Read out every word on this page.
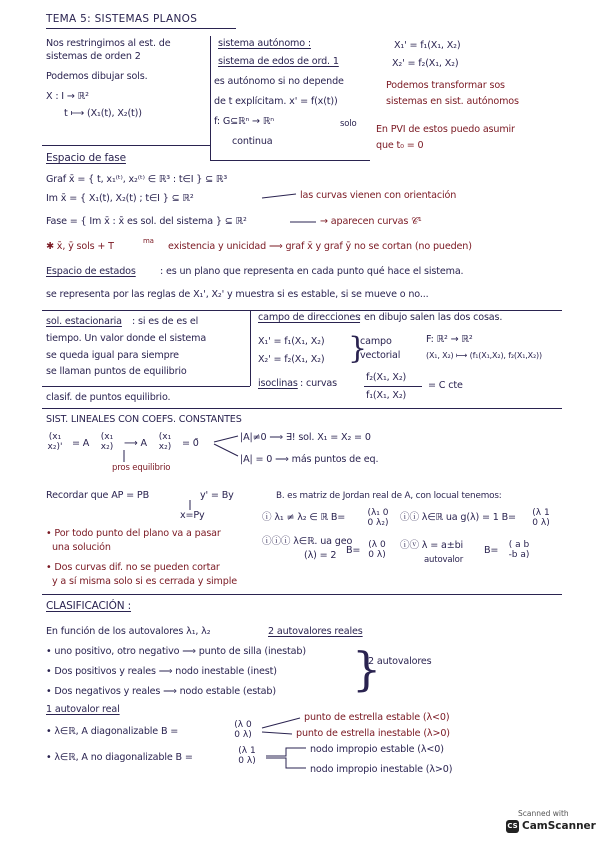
TEMA 5: SISTEMAS PLANOS
Nos restringimos al est. de
sistemas de orden 2
Podemos dibujar sols.
X : I → ℝ²
t ⟼ (X₁(t), X₂(t))
sistema autónomo :
sistema de edos de ord. 1
es autónomo si no depende
de t explícitam. x' = f(x(t))
f: G⊆ℝⁿ → ℝⁿ	solo
continua
X₁' = f₁(X₁, X₂)
X₂' = f₂(X₁, X₂)
Podemos transformar sos
sistemas en sist. autónomos
En PVI de estos puedo asumir
que t₀ = 0
Espacio de fase
Graf x̄ = { t, x₁⁽ᵗ⁾, x₂⁽ᵗ⁾ ∈ ℝ³ : t∈I } ⊆ ℝ³
Im x̄ = { X₁(t), X₂(t) ; t∈I } ⊆ ℝ²	las curvas vienen con orientación
Fase = { Im x̄ : x̄ es sol. del sistema } ⊆ ℝ²	→ aparecen curvas 𝒞¹
✱ x̄, ȳ sols + T	ma existencia y unicidad ⟹ graf x̄ y graf ȳ no se cortan (no pueden)
Espacio de estados	: es un plano que representa en cada punto qué hace el sistema.
se representa por las reglas de X₁', X₂' y muestra si es estable, si se mueve o no...
sol. estacionaria : si es de es el
tiempo. Un valor donde el sistema
se queda igual para siempre
se llaman puntos de equilibrio
clasif. de puntos equilibrio.
campo de direcciones
: en dibujo salen las dos cosas.
X₁' = f₁(X₁, X₂)
X₂' = f₂(X₁, X₂) }
campo
vectorial
F: ℝ² → ℝ²
(X₁, X₂) ⟼ (f₁(X₁,X₂), f₂(X₁,X₂))
isoclinas : curvas
f₂(X₁, X₂)
f₁(X₁, X₂)
= C cte
SIST. LINEALES CON COEFS. CONSTANTES
(x₁
x₂)' = A
(x₁
x₂)	⟶ A
(x₁
x₂)	= 0̄
|A|≠0 ⟹ ∃! sol. X₁ = X₂ = 0
|A| = 0 ⟹ más puntos de eq.
pros equilibrio
Recordar que AP = PB	y' = By	B. es matriz de Jordan real de A, con locual tenemos:
x=Py	ⓘ λ₁ ≠ λ₂ ∈ ℝ B=	(λ₁ 0
0 λ₂)	ⓘⓘ λ∈ℝ ua g(λ) = 1 B=	(λ 1
0 λ)
• Por todo punto del plano va a pasar
una solución
ⓘⓘⓘ λ∈ℝ. ua geo
(λ) = 2 B= (λ 0
0 λ)
ⓘⓥ λ = a±bi
autovalor
B=	( a b
-b a)
• Dos curvas dif. no se pueden cortar
y a sí misma solo si es cerrada y simple
CLASIFICACIÓN :
En función de los autovalores λ₁, λ₂	2 autovalores reales
• uno positivo, otro negativo ⟹ punto de silla (inestab)
• Dos positivos y reales ⟹ nodo inestable (inest)
• Dos negativos y reales ⟹ nodo estable (estab) }
2 autovalores
1 autovalor real
• λ∈ℝ, A diagonalizable B =
(λ 0
0 λ)
punto de estrella estable (λ<0)
punto de estrella inestable (λ>0)
• λ∈ℝ, A no diagonalizable B =
(λ 1
0 λ)
nodo impropio estable (λ<0)
nodo impropio inestable (λ>0)
Scanned with
CS CamScanner
